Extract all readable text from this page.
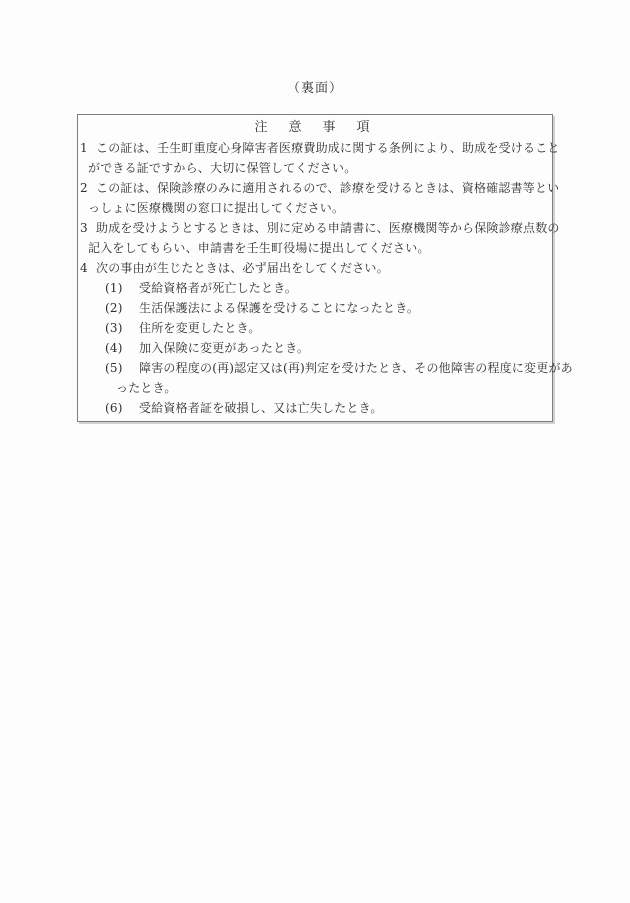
（裏面）
注　意　事　項
1 この証は、壬生町重度心身障害者医療費助成に関する条例により、助成を受けること
ができる証ですから、大切に保管してください。
2 この証は、保険診療のみに適用されるので、診療を受けるときは、資格確認書等とい
っしょに医療機関の窓口に提出してください。
3 助成を受けようとするときは、別に定める申請書に、医療機関等から保険診療点数の
記入をしてもらい、申請書を壬生町役場に提出してください。
4 次の事由が生じたときは、必ず届出をしてください。
(1) 受給資格者が死亡したとき。
(2) 生活保護法による保護を受けることになったとき。
(3) 住所を変更したとき。
(4) 加入保険に変更があったとき。
(5) 障害の程度の(再)認定又は(再)判定を受けたとき、その他障害の程度に変更があ
ったとき。
(6) 受給資格者証を破損し、又は亡失したとき。
